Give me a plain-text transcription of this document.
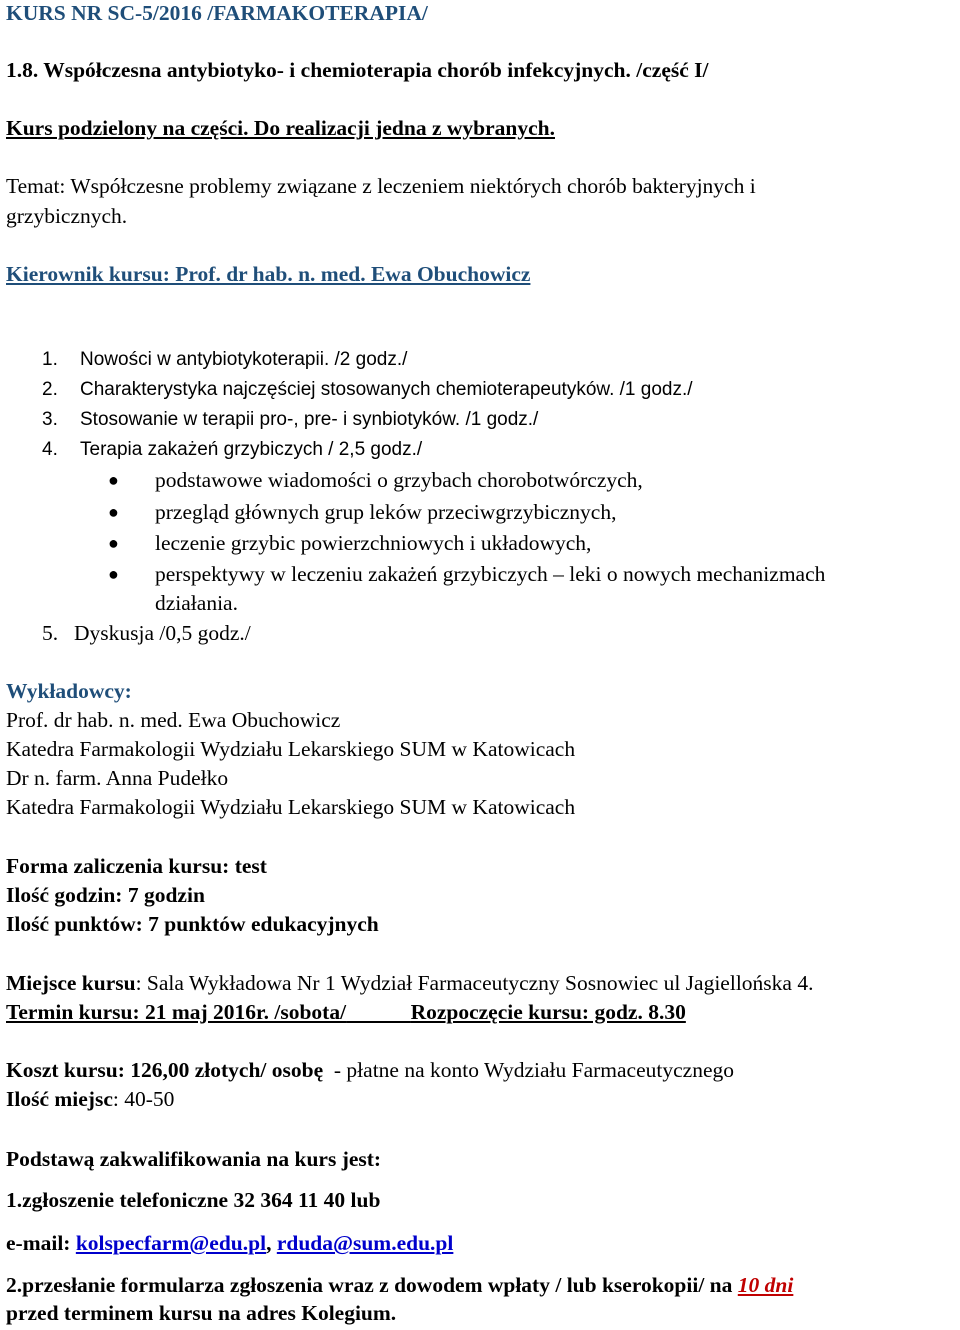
KURS NR SC-5/2016 /FARMAKOTERAPIA/
1.8. Współczesna antybiotyko- i chemioterapia chorób infekcyjnych. /część I/
Kurs podzielony na części. Do realizacji jedna z wybranych.
Temat: Współczesne problemy związane z leczeniem niektórych chorób bakteryjnych i
grzybicznych.
Kierownik kursu: Prof. dr hab. n. med. Ewa Obuchowicz
1.	Nowości w antybiotykoterapii. /2 godz./
2.	Charakterystyka najczęściej stosowanych chemioterapeutyków. /1 godz./
3.	Stosowanie w terapii pro-, pre- i synbiotyków. /1 godz./
4.	Terapia zakażeń grzybiczych / 2,5 godz./
● podstawowe wiadomości o grzybach chorobotwórczych,
● przegląd głównych grup leków przeciwgrzybicznych,
● leczenie grzybic powierzchniowych i układowych,
● perspektywy w leczeniu zakażeń grzybiczych – leki o nowych mechanizmach
działania.
5. Dyskusja /0,5 godz./
Wykładowcy:
Prof. dr hab. n. med. Ewa Obuchowicz
Katedra Farmakologii Wydziału Lekarskiego SUM w Katowicach
Dr n. farm. Anna Pudełko
Katedra Farmakologii Wydziału Lekarskiego SUM w Katowicach
Forma zaliczenia kursu: test
Ilość godzin: 7 godzin
Ilość punktów: 7 punktów edukacyjnych
Miejsce kursu: Sala Wykładowa Nr 1 Wydział Farmaceutyczny Sosnowiec ul Jagiellońska 4.
Termin kursu: 21 maj 2016r. /sobota/	Rozpoczęcie kursu: godz. 8.30
Koszt kursu: 126,00 złotych/ osobę  - płatne na konto Wydziału Farmaceutycznego
Ilość miejsc: 40-50
Podstawą zakwalifikowania na kurs jest:
1.zgłoszenie telefoniczne 32 364 11 40 lub
e-mail: kolspecfarm@edu.pl, rduda@sum.edu.pl
2.przesłanie formularza zgłoszenia wraz z dowodem wpłaty / lub kserokopii/ na 10 dni
przed terminem kursu na adres Kolegium.
